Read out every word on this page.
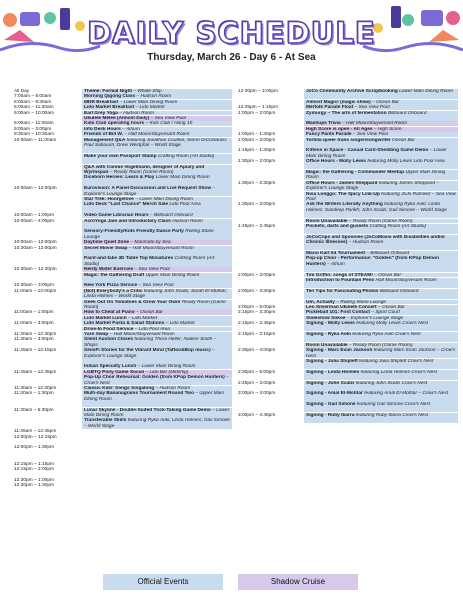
DAILY SCHEDULE
Thursday, March 26 - Day 6 - At Sea
All Day
7:00am – 8:00am
8:00am – 9:30am
8:00am – 11:30am
9:00am – 10:00am
9:00am – 11:00am
9:00am – 3:00pm
9:30am – 10:30am
10:00am – 11:00am
10:00am – 12:00pm
10:00am – 1:00pm
10:00am – 4:00pm
10:00am – 12:00pm
10:30am – 12:00pm
10:30am – 12:30pm
10:30am – 3:00pm
11:00am – 12:00pm
11:00am – 1:00pm
11:00am – 3:00pm
11:30am – 12:30pm
11:30am – 3:00pm
11:45am – 12:15pm
11:45am – 12:45pm
11:30am – 12:30pm
11:30am – 1:30pm
11:30am – 5:30pm
11:45am – 12:45pm
12:00pm – 12:15pm
12:00pm – 1:30pm
12:15pm – 1:15pm
12:15pm – 2:00pm
12:30pm – 1:00pm
12:30pm – 1:30pm
Theme: Formal Night – Whale Ship
Morning Qigong Class – Hudson Room
MDR Breakfast – Lower Main Dining Room
Lido Market Breakfast – Lido Market
Earl Grey Yoga – Hudson Room
Ukulele Melee (Almost Daily) – Sea View Pool
Kids Club operating hours – Kids Club / Hang 10
Info Desk Hours – Atrium
Friends of Bill W. – Half Moon/Stuyvesant Room
Management Q&A featuring Jonathan Coulton; Storm DiCostanzo; Paul Sabourin; Drew Westphal – World Stage
Make your own Passport Stamp Crafting Room (Art Studio)
Q&A with Connie Vogelmann, designer of Apiary and Wyrmspan – Ready Room (Game Room)
Diceborn Heroes: Learn & Play Lower Main Dining Room
Eurovision: A Panel Discussion and Live Request Show – Explorer's Lounge Stage
Star Trek: Hoorgelove – Lower Main Dining Room
Lido Deck "Last Chance" Merch Sale Lido Pool Area
Video Game Librarian Hours – Billboard Onboard
AcroYoga Jam and Introductory Class Hudson Room
Sensory-Friendly/Kids Friendly Dance Party Rolling Stone Lounge
Daytime Quiet Zone – Marimoto by Sea
Secret Movie Swap – Half Moon/Stuyvesant Room
Paint-and-take 3D Table Top Miniatures Crafting Room (Art Studio)
Nerdy Water Exercise – Sea View Pool
Magic: the Gathering Draft Upper Main Dining Room
New York Pizza Service – Sea View Pool
(Not) Everybody's a Critic featuring John Scalzi; Sarah El-Mohtar; Linda Holmes – World Stage
Geek Out On Tomatoes & Grow Your Own! Ready Room (Game Room)
How to Cheat at Piano – Ocean Bar
Lido Market Lunch – Lido Market
Lido Market Pasta & Salad Stations – Lido Market
Drive-In Food Service – Lido Pool Area
Yarn Swap – Half Moon/Stuyvesant Room
Silent Auction Closes featuring Thera Heller; Nadine Smith – Shops
SemiFi Stories for the Vibrant Mind (Tattoo&Bop music) – Explorer's Lounge Stage
Indian Specialty Lunch – Lower Main Dining Room
LGBTQ Pony Game Social – Lido Bar (Midship)
Pop-Up Choir Rehearsal: Golden (from KPop Demon Hunters) – Crow's Nest
Classic Kids' Songs Singalong – Hudson Room
Multi-day Bananagrams Tournament Round Two – Upper Main Dining Room
Lunar Skyline - Double-Suited Trick-Taking Game Demo – Lower Main Dining Room
Transferable Skills featuring Ryka Aoki; Linda Holmes; Gail Simone – World Stage
12:30pm – 3:00pm
12:45pm – 1:15pm
1:00pm – 2:00pm
1:00pm – 1:30pm
1:00pm – 3:00pm
1:15pm – 1:30pm
1:30pm – 2:00pm
1:30pm – 2:30pm
1:30pm – 3:00pm
1:45pm – 2:45pm
2:00pm – 3:00pm
2:00pm – 3:30pm
2:00pm – 5:00pm
2:15pm – 3:30pm
2:15pm – 2:45pm
2:15pm – 3:15pm
2:30pm – 4:00pm
2:30pm – 5:00pm
2:45pm – 3:00pm
3:00pm – 4:00pm
3:00pm – 4:45pm
JoCo Community Archive Scrapbooking Lower Main Dining Room
Almost Magic! (magic show) – Ocean Bar
Merfolk Parade Float – Sea View Pool
Zymurgy – The arts of fermentation Billboard Onboard
Mashups Trivia – Half Moon/Stuyvesant Room
High Score is open - All Ages – High Score
Fancy Pants Parade – Sea View Pool
Tortilla queer trans singer/songwriter Ocean Bar
Kittens in Space - Casual Card-Shedding Game Demo – Lower Main Dining Room
Office Hours - Molly Lewis featuring Molly Lewis Lido Pool Area
Magic: the Gathering - Commander Meetup Upper Main Dining Room
Office Hours - James Sheppard featuring James Sheppard – Explorer's Lounge Stage
Nisa Longgo: The Spicy Link-Up featuring JoJo Ramirez – Sea View Pool
Ask the Writers Literally Anything featuring Ryka Aoki; Linda Holmes; Sandeep Parikh; John Scalzi; Gail Simone – World Stage
Room Unavailable – Ready Room (Game Room)
Pockets, darts and gussets Crafting Room (Art Studio)
JoCoCrips and Spoonies (JoCoMoxis with Disabilities and/or Chronic Illnesses) – Hudson Room
Mario Kart 64 Tournament – Billboard Onboard
Pop-up Choir - Performance: "Golden" (from KPop Demon Hunters) – Atrium
Tim Griffin: songs of STEAM! – Ocean Bar
Introduction to Fountain Pens Half Moon/Stuyvesant Room
Ten Tips for Fascinating Photos Billboard Onboard
Um, Actually – Rolling Stone Lounge
Leo Silverman Ukulele Concert – Ocean Bar
Pickleball 101: First Contact – Sport Court
Slideshow Sokoe – Explorer's Lounge Stage
Signing - Molly Lewis featuring Molly Lewis Crow's Nest
Signing - Ryka Aoki featuring Ryka Aoki Crow's Nest
Room Unavailable – Ready Room (Game Room)
Signing - Marc Evan Jackson featuring Marc Evan Jackson – Crow's Nest
Signing - Julia Shiplett featuring Julia Shiplett Crow's Nest
Signing - Linda Holmes featuring Linda Holmes Crow's Nest
Signing - John Scalzi featuring John Scalzi Crow's Nest
Signing - Amal El-Mohtar featuring Amal El-Mohtar – Crow's Nest
Signing - Gail Simone featuring Gail Simone Crow's Nest
Signing - Ruby Ibarra featuring Ruby Ibarra Crow's Nest
Official Events	Shadow Cruise
